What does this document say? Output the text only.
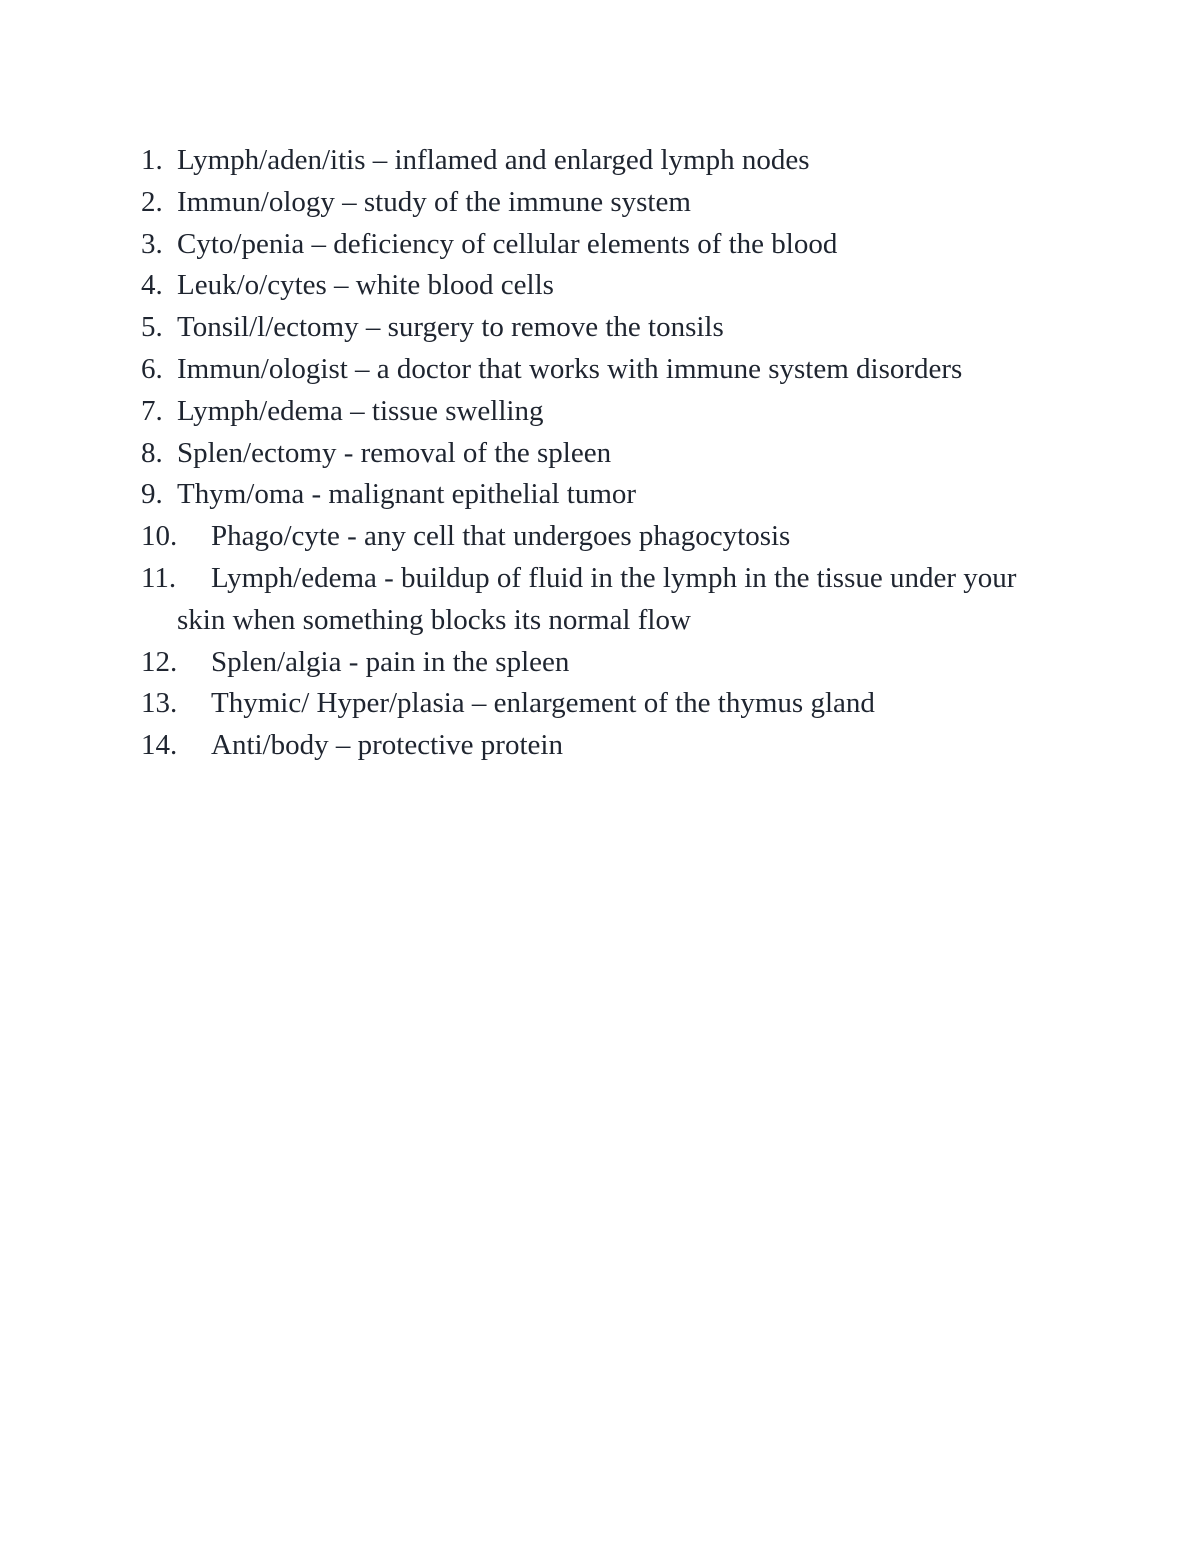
1. Lymph/aden/itis – inflamed and enlarged lymph nodes
2. Immun/ology – study of the immune system
3. Cyto/penia – deficiency of cellular elements of the blood
4. Leuk/o/cytes – white blood cells
5. Tonsil/l/ectomy – surgery to remove the tonsils
6. Immun/ologist – a doctor that works with immune system disorders
7. Lymph/edema – tissue swelling
8. Splen/ectomy - removal of the spleen
9. Thym/oma - malignant epithelial tumor
10.	Phago/cyte - any cell that undergoes phagocytosis
11. Lymph/edema - buildup of fluid in the lymph in the tissue under your skin when something blocks its normal flow
12.	Splen/algia - pain in the spleen
13.	Thymic/ Hyper/plasia – enlargement of the thymus gland
14.	Anti/body – protective protein
